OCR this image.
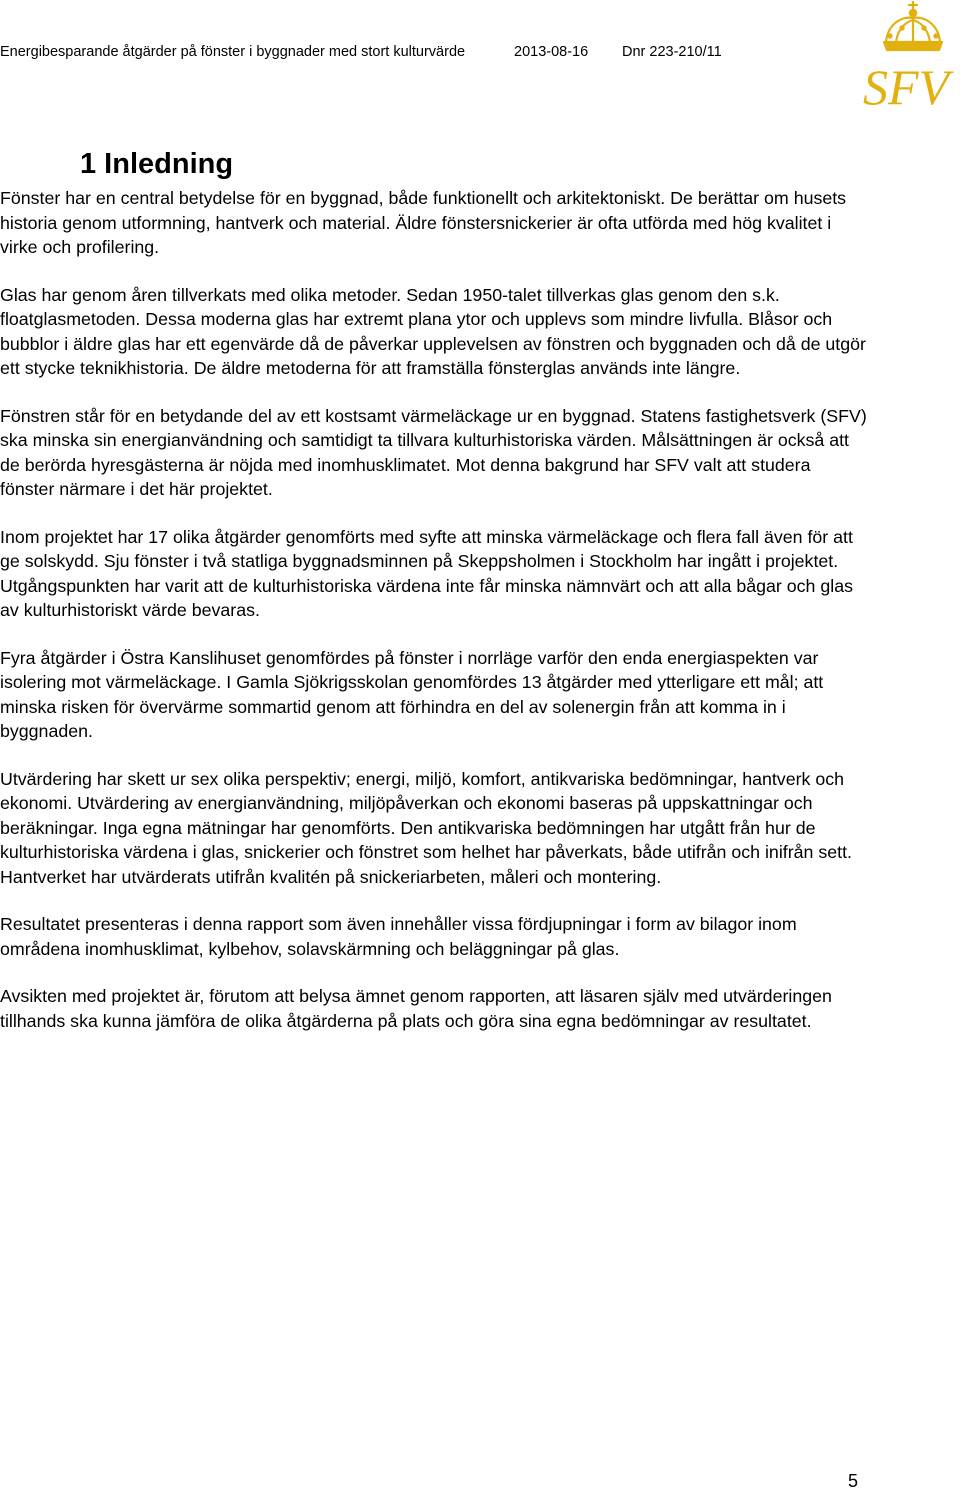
Energibesparande åtgärder på fönster i byggnader med stort kulturvärde	2013-08-16 Dnr 223-210/11
SFV
1 Inledning

Fönster har en central betydelse för en byggnad, både funktionellt och arkitektoniskt. De berättar om husets historia genom utformning, hantverk och material. Äldre fönstersnickerier är ofta utförda med hög kvalitet i virke och profilering.

Glas har genom åren tillverkats med olika metoder. Sedan 1950-talet tillverkas glas genom den s.k. floatglasmetoden. Dessa moderna glas har extremt plana ytor och upplevs som mindre livfulla. Blåsor och bubblor i äldre glas har ett egenvärde då de påverkar upplevelsen av fönstren och byggnaden och då de utgör ett stycke teknikhistoria. De äldre metoderna för att framställa fönsterglas används inte längre.

Fönstren står för en betydande del av ett kostsamt värmeläckage ur en byggnad. Statens fastighetsverk (SFV) ska minska sin energianvändning och samtidigt ta tillvara kulturhistoriska värden. Målsättningen är också att de berörda hyresgästerna är nöjda med inomhusklimatet. Mot denna bakgrund har SFV valt att studera fönster närmare i det här projektet.

Inom projektet har 17 olika åtgärder genomförts med syfte att minska värmeläckage och flera fall även för att ge solskydd. Sju fönster i två statliga byggnadsminnen på Skeppsholmen i Stockholm har ingått i projektet. Utgångspunkten har varit att de kulturhistoriska värdena inte får minska nämnvärt och att alla bågar och glas av kulturhistoriskt värde bevaras.

Fyra åtgärder i Östra Kanslihuset genomfördes på fönster i norrläge varför den enda energiaspekten var isolering mot värmeläckage. I Gamla Sjökrigsskolan genomfördes 13 åtgärder med ytterligare ett mål; att minska risken för övervärme sommartid genom att förhindra en del av solenergin från att komma in i byggnaden.

Utvärdering har skett ur sex olika perspektiv; energi, miljö, komfort, antikvariska bedömningar, hantverk och ekonomi. Utvärdering av energianvändning, miljöpåverkan och ekonomi baseras på uppskattningar och beräkningar. Inga egna mätningar har genomförts. Den antikvariska bedömningen har utgått från hur de kulturhistoriska värdena i glas, snickerier och fönstret som helhet har påverkats, både utifrån och inifrån sett. Hantverket har utvärderats utifrån kvalitén på snickeriarbeten, måleri och montering.

Resultatet presenteras i denna rapport som även innehåller vissa fördjupningar i form av bilagor inom områdena inomhusklimat, kylbehov, solavskärmning och beläggningar på glas.

Avsikten med projektet är, förutom att belysa ämnet genom rapporten, att läsaren själv med utvärderingen tillhands ska kunna jämföra de olika åtgärderna på plats och göra sina egna bedömningar av resultatet.

5
